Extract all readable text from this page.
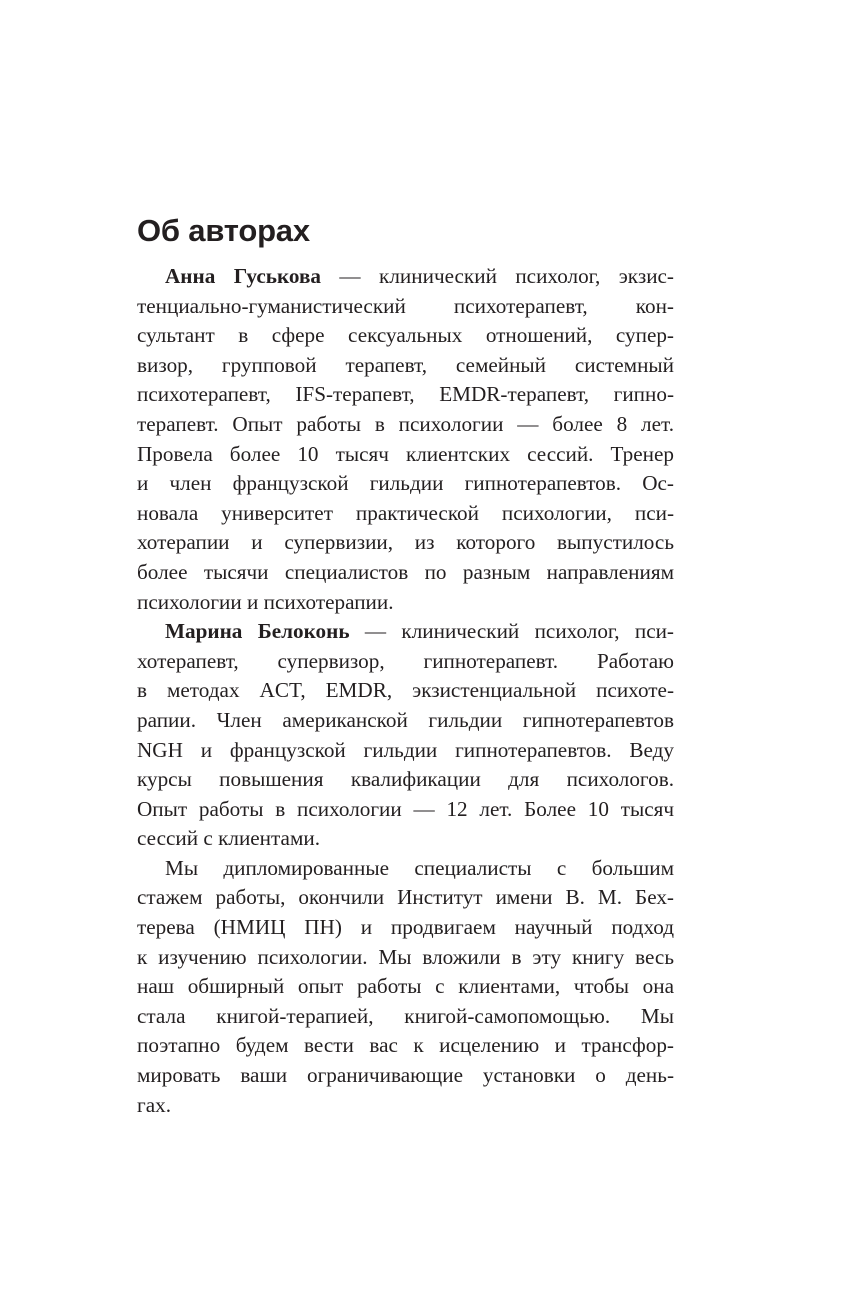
Об авторах
Анна Гуськова — клинический психолог, экзис-
тенциально-гуманистический психотерапевт, кон-
сультант в сфере сексуальных отношений, супер-
визор, групповой терапевт, семейный системный
психотерапевт, IFS-терапевт, EMDR-терапевт, гипно-
терапевт. Опыт работы в психологии — более 8 лет.
Провела более 10 тысяч клиентских сессий. Тренер
и член французской гильдии гипнотерапевтов. Ос-
новала университет практической психологии, пси-
хотерапии и супервизии, из которого выпустилось
более тысячи специалистов по разным направлениям
психологии и психотерапии.
Марина Белоконь — клинический психолог, пси-
хотерапевт, супервизор, гипнотерапевт. Работаю
в методах ACT, EMDR, экзистенциальной психоте-
рапии. Член американской гильдии гипнотерапевтов
NGH и французской гильдии гипнотерапевтов. Веду
курсы повышения квалификации для психологов.
Опыт работы в психологии — 12 лет. Более 10 тысяч
сессий с клиентами.
Мы дипломированные специалисты с большим
стажем работы, окончили Институт имени В. М. Бех-
терева (НМИЦ ПН) и продвигаем научный подход
к изучению психологии. Мы вложили в эту книгу весь
наш обширный опыт работы с клиентами, чтобы она
стала книгой-терапией, книгой-самопомощью. Мы
поэтапно будем вести вас к исцелению и трансфор-
мировать ваши ограничивающие установки о день-
гах.
